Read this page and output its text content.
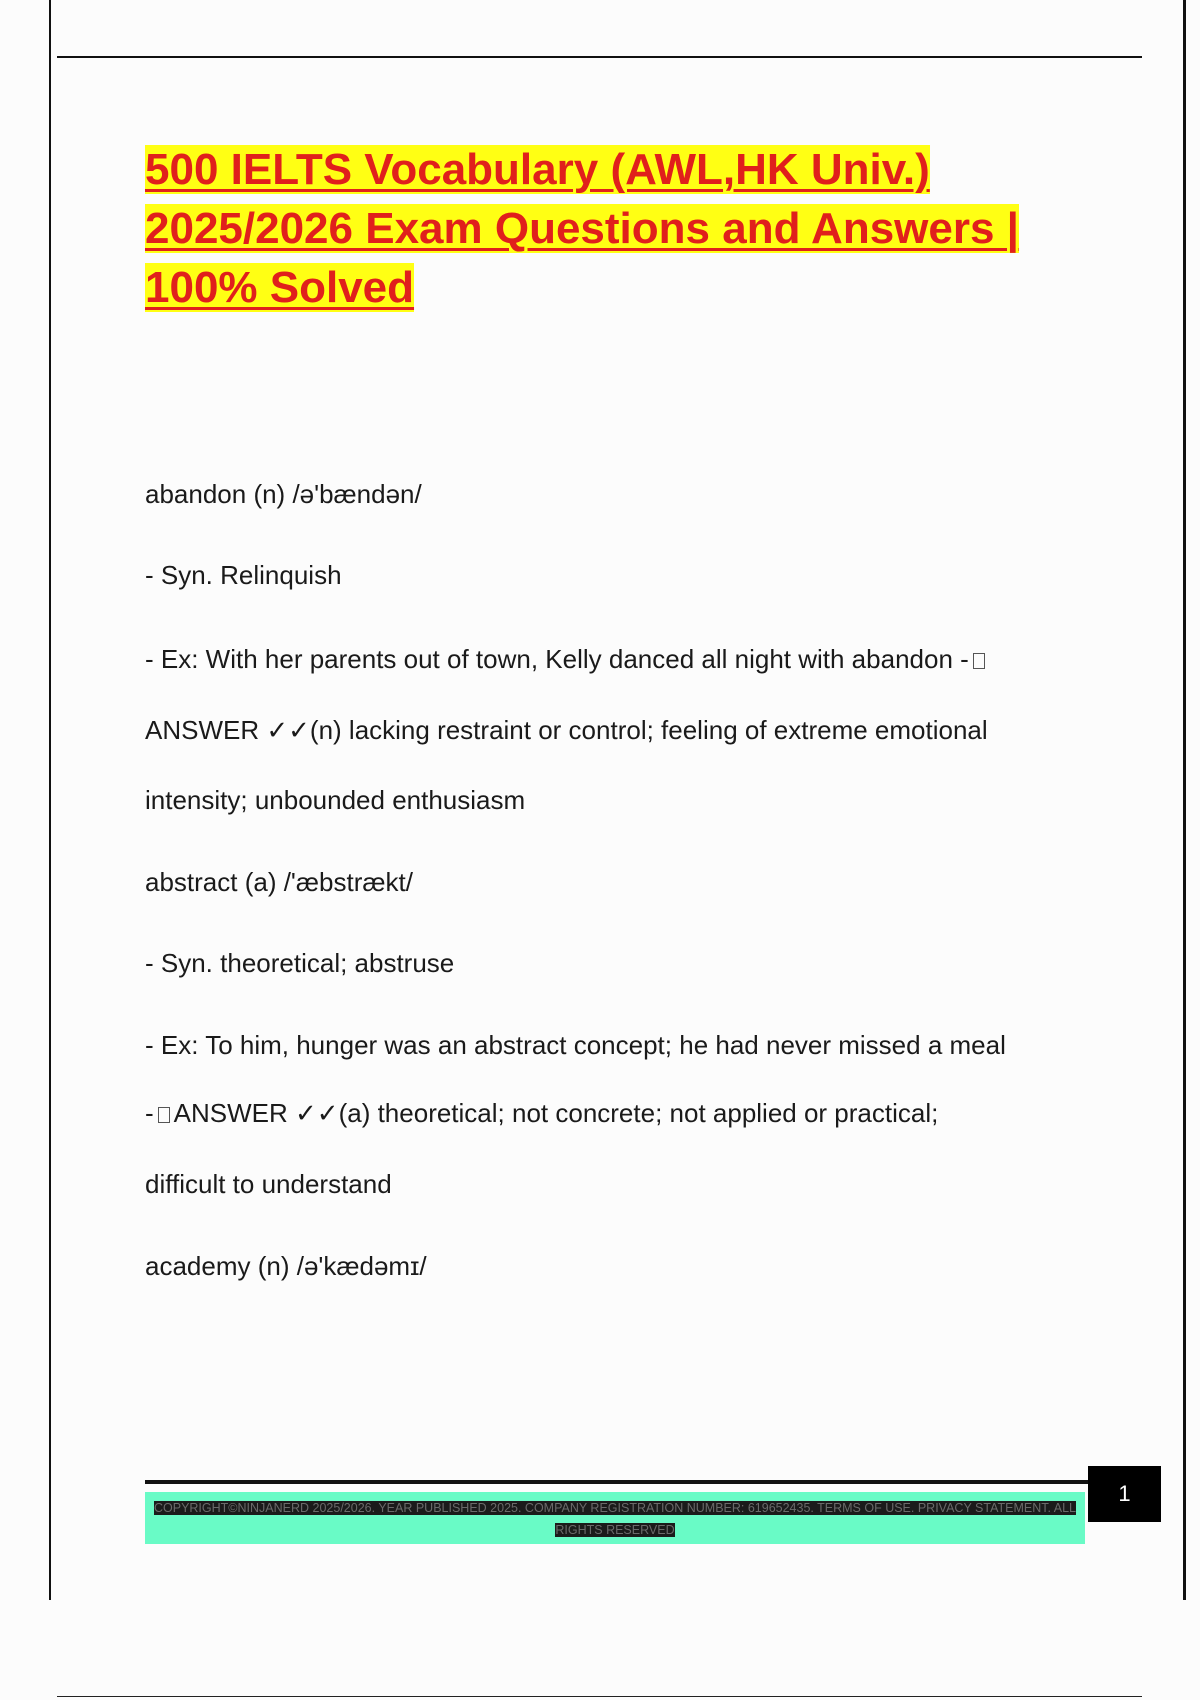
500 IELTS Vocabulary (AWL,HK Univ.) 2025/2026 Exam Questions and Answers | 100% Solved

abandon (n) /ə'bændən/

- Syn. Relinquish

- Ex: With her parents out of town, Kelly danced all night with abandon -

ANSWER ✓✓(n) lacking restraint or control; feeling of extreme emotional

intensity; unbounded enthusiasm

abstract (a) /'æbstrækt/

- Syn. theoretical; abstruse

- Ex: To him, hunger was an abstract concept; he had never missed a meal

- ANSWER ✓✓(a) theoretical; not concrete; not applied or practical;

difficult to understand

academy (n) /ə'kædəmɪ/

COPYRIGHT©NINJANERD 2025/2026. YEAR PUBLISHED 2025. COMPANY REGISTRATION NUMBER: 619652435. TERMS OF USE. PRIVACY STATEMENT. ALL RIGHTS RESERVED
1
